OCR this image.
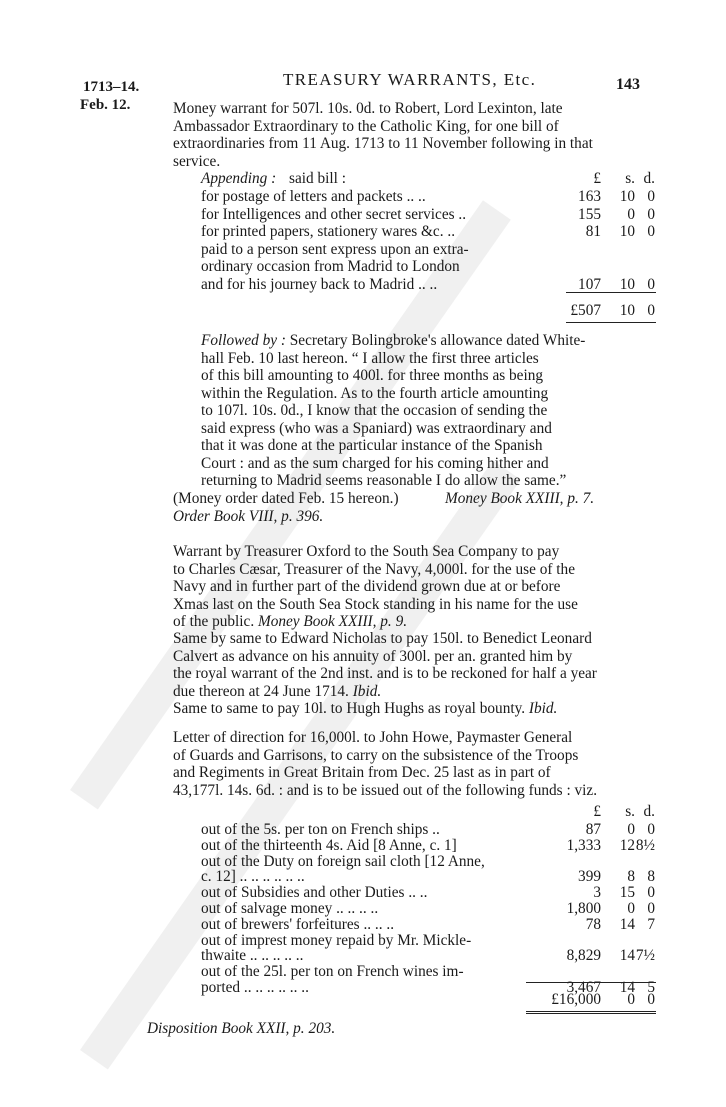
1713–14.
Feb. 12.
TREASURY WARRANTS, Etc.	143
Money warrant for 507l. 10s. 0d. to Robert, Lord Lexinton, late
Ambassador Extraordinary to the Catholic King, for one bill of
extraordinaries from 11 Aug. 1713 to 11 November following in that
service.
Appending : said bill :	£	s. d.
for postage of letters and packets .. ..	163	10 0
for Intelligences and other secret services ..	155	0 0
for printed papers, stationery wares &c. ..	81	10 0
paid to a person sent express upon an extra-
ordinary occasion from Madrid to London
and for his journey back to Madrid .. ..	107	10 0
£507	10 0
Followed by : Secretary Bolingbroke's allowance dated White-
hall Feb. 10 last hereon. “ I allow the first three articles
of this bill amounting to 400l. for three months as being
within the Regulation. As to the fourth article amounting
to 107l. 10s. 0d., I know that the occasion of sending the
said express (who was a Spaniard) was extraordinary and
that it was done at the particular instance of the Spanish
Court : and as the sum charged for his coming hither and
returning to Madrid seems reasonable I do allow the same.”
(Money order dated Feb. 15 hereon.)	Money Book XXIII, p. 7.
Order Book VIII, p. 396.
Warrant by Treasurer Oxford to the South Sea Company to pay
to Charles Cæsar, Treasurer of the Navy, 4,000l. for the use of the
Navy and in further part of the dividend grown due at or before
Xmas last on the South Sea Stock standing in his name for the use
of the public. Money Book XXIII, p. 9.
Same by same to Edward Nicholas to pay 150l. to Benedict Leonard
Calvert as advance on his annuity of 300l. per an. granted him by
the royal warrant of the 2nd inst. and is to be reckoned for half a year
due thereon at 24 June 1714. Ibid.
Same to same to pay 10l. to Hugh Hughs as royal bounty. Ibid.
Letter of direction for 16,000l. to John Howe, Paymaster General
of Guards and Garrisons, to carry on the subsistence of the Troops
and Regiments in Great Britain from Dec. 25 last as in part of
43,177l. 14s. 6d. : and is to be issued out of the following funds : viz.
£	s. d.
out of the 5s. per ton on French ships ..	87	0 0
out of the thirteenth 4s. Aid [8 Anne, c. 1]	1,333	12 8½
out of the Duty on foreign sail cloth [12 Anne,
c. 12] .. .. .. .. .. ..	399	8 8
out of Subsidies and other Duties .. ..	3	15 0
out of salvage money .. .. .. ..	1,800	0 0
out of brewers' forfeitures .. .. ..	78	14 7
out of imprest money repaid by Mr. Mickle-
thwaite .. .. .. .. ..	8,829	14 7½
out of the 25l. per ton on French wines im-
ported .. .. .. .. .. ..	3,467	14 5
£16,000	0 0
Disposition Book XXII, p. 203.
